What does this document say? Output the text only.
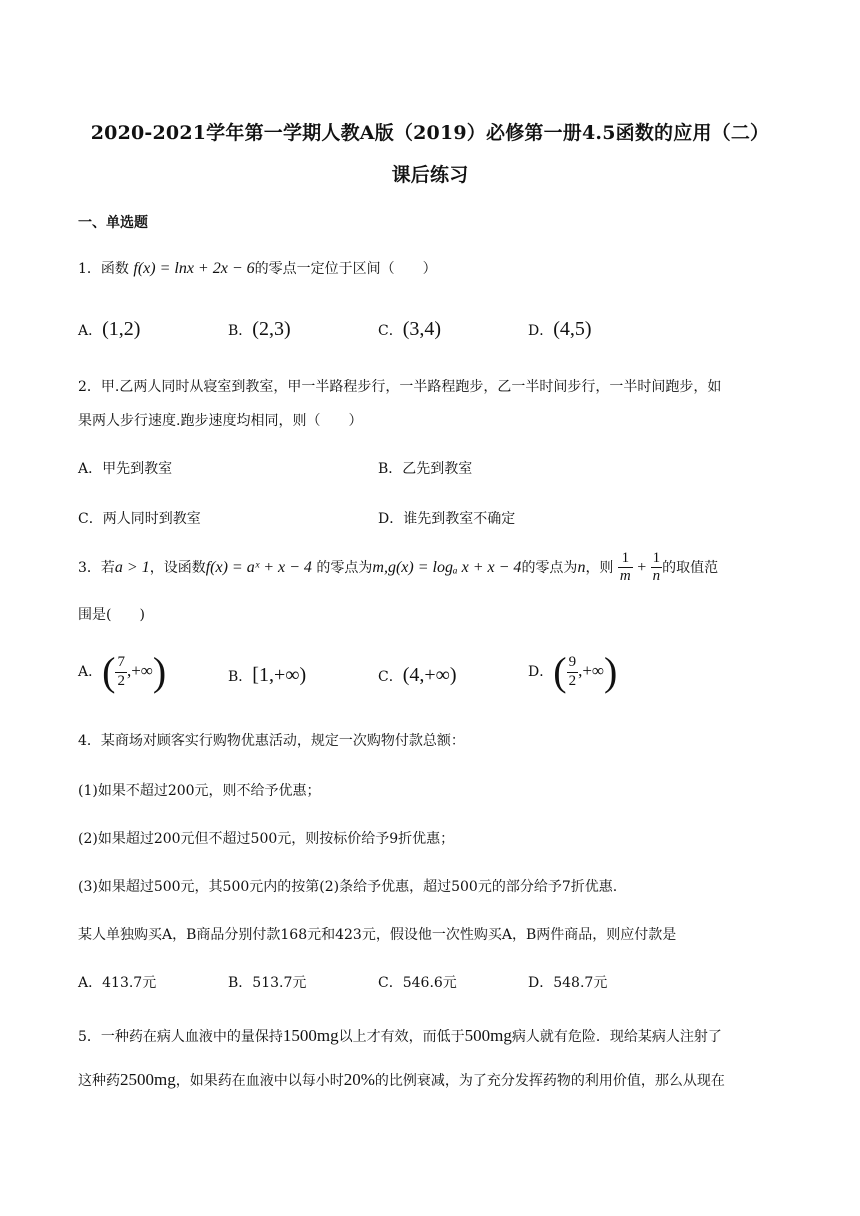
2020-2021学年第一学期人教A版（2019）必修第一册4.5函数的应用（二）
课后练习
一、单选题
1．函数 f(x) = lnx + 2x − 6的零点一定位于区间（　　）
A．(1,2)	B．(2,3)	C．(3,4)	D．(4,5)
2．甲.乙两人同时从寝室到教室，甲一半路程步行，一半路程跑步，乙一半时间步行，一半时间跑步，如
果两人步行速度.跑步速度均相同，则（　　）
A．甲先到教室	B．乙先到教室
C．两人同时到教室	D．谁先到教室不确定
3．若a > 1，设函数f(x) = aˣ + x − 4 的零点为m,g(x) = logₐ x + x − 4的零点为n，则 $\frac{1}{m} + \frac{1}{n}$ 的取值范
围是(　　)
A．( $\frac{7}{2}$ ,+∞)	B．[1,+∞)	C．(4,+∞)	D．( $\frac{9}{2}$ ,+∞)
4．某商场对顾客实行购物优惠活动，规定一次购物付款总额：
(1)如果不超过200元，则不给予优惠；
(2)如果超过200元但不超过500元，则按标价给予9折优惠；
(3)如果超过500元，其500元内的按第(2)条给予优惠，超过500元的部分给予7折优惠.
某人单独购买A，B商品分别付款168元和423元，假设他一次性购买A，B两件商品，则应付款是
A．413.7元	B．513.7元	C．546.6元	D．548.7元
5．一种药在病人血液中的量保持1500mg以上才有效，而低于500mg病人就有危险．现给某病人注射了
这种药2500mg，如果药在血液中以每小时20%的比例衰减，为了充分发挥药物的利用价值，那么从现在
